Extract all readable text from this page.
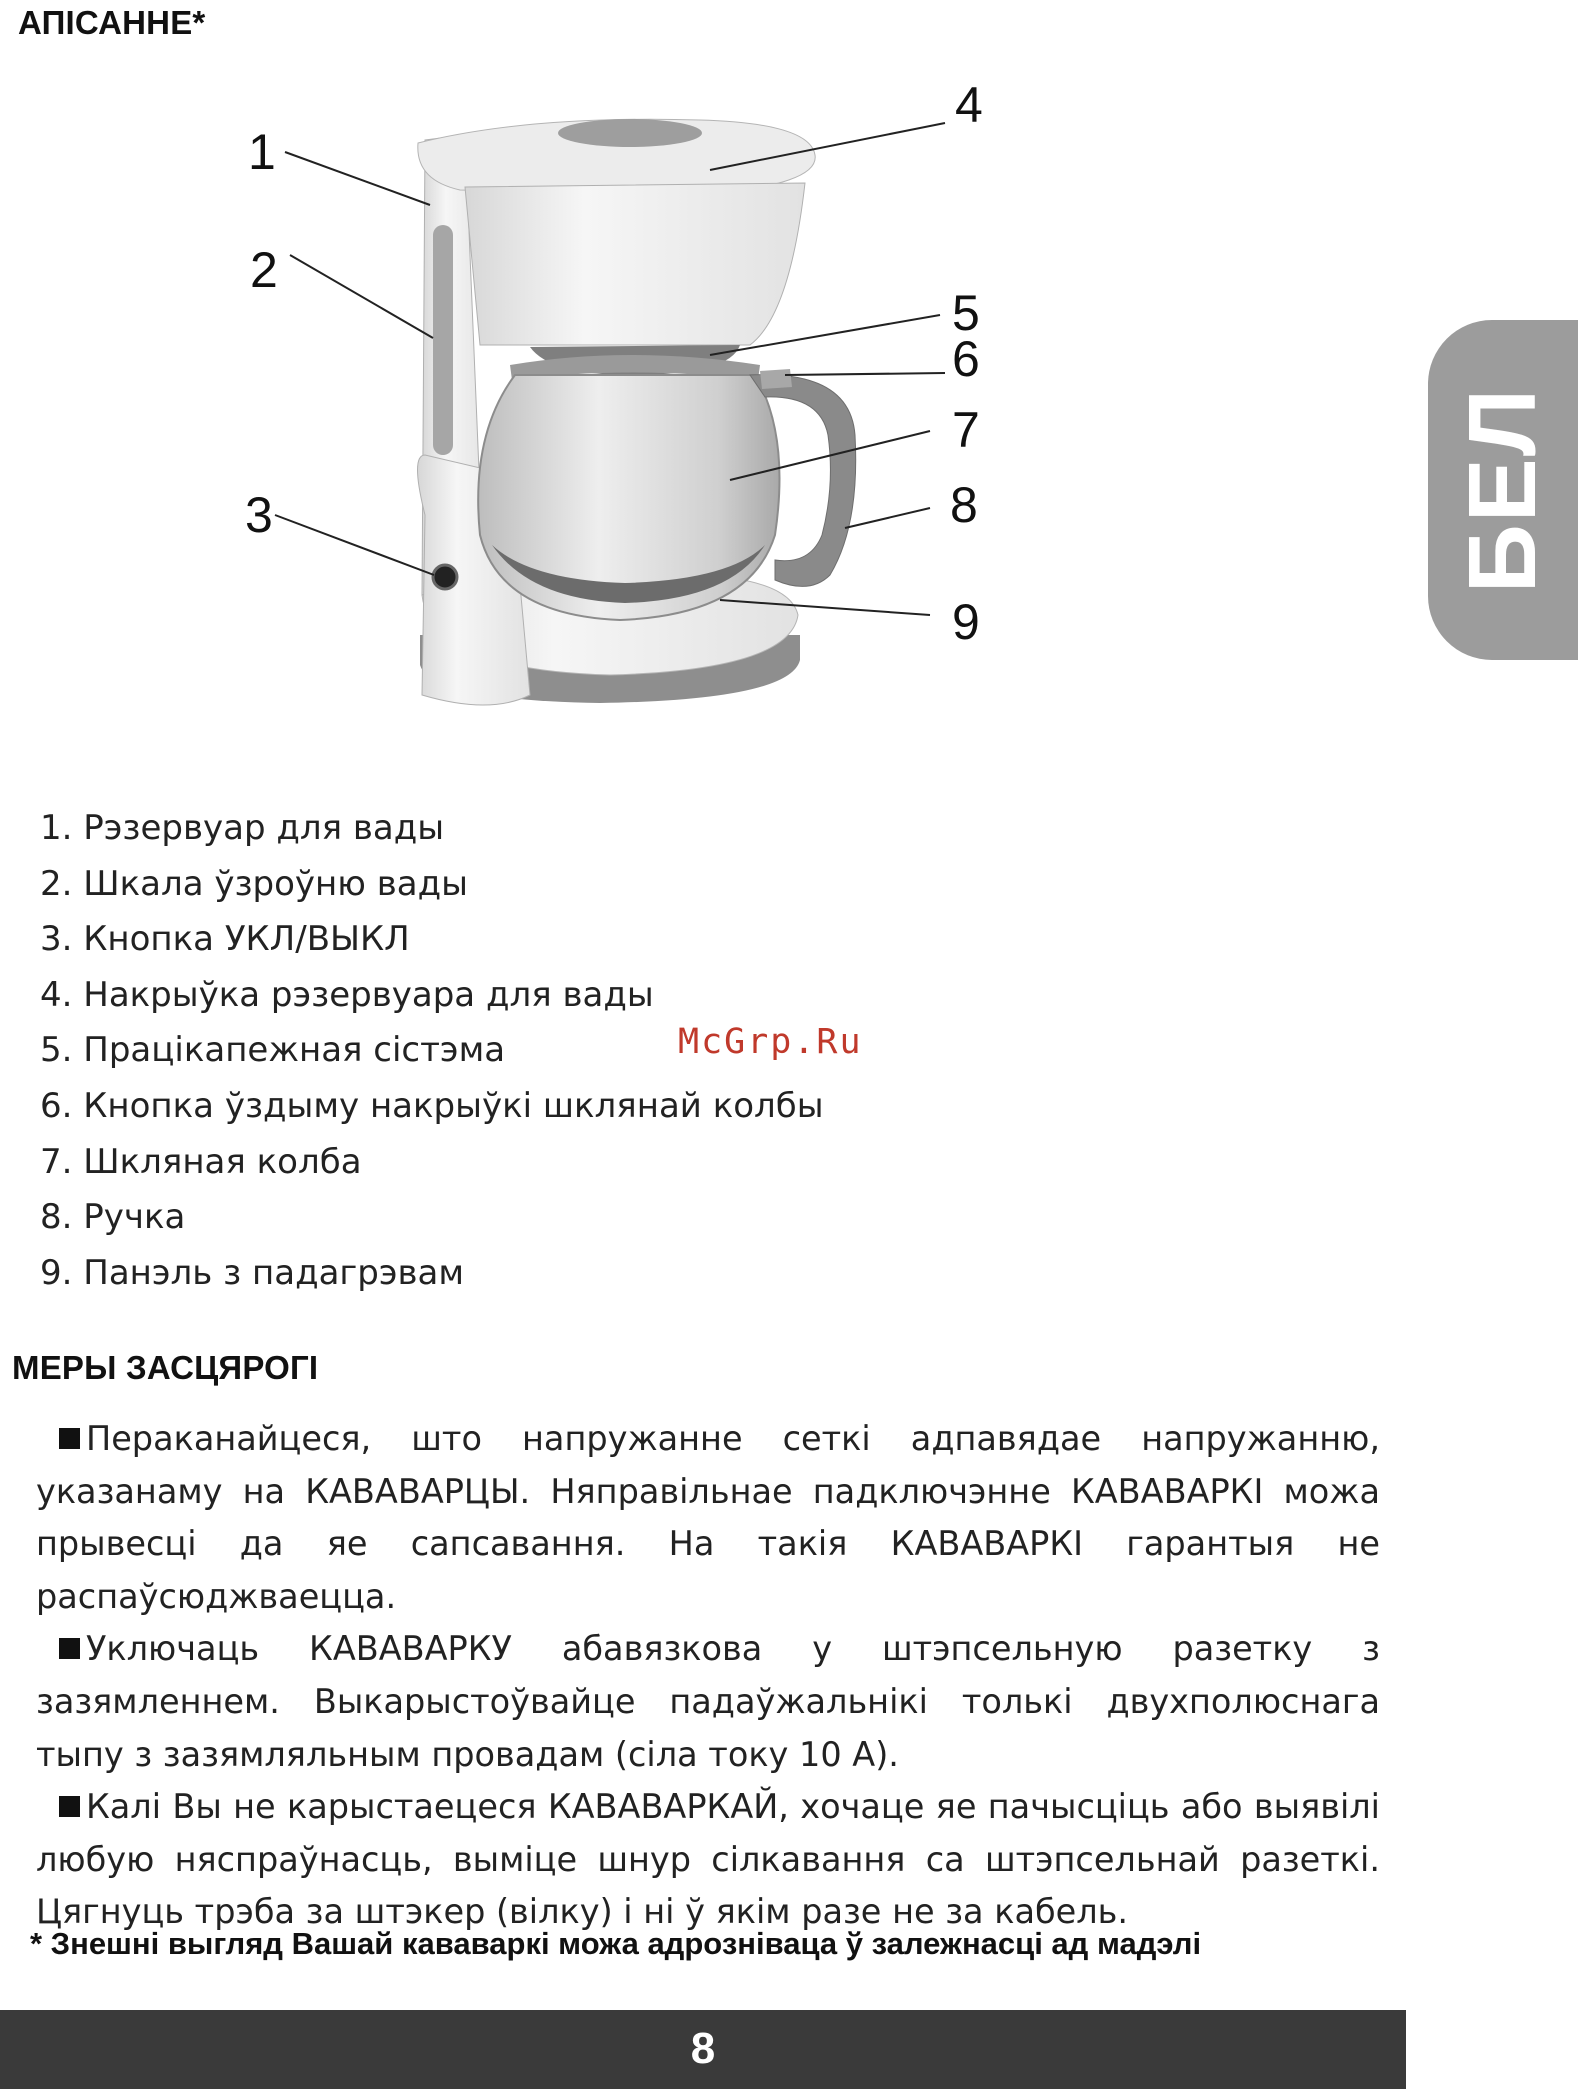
АПІСАННЕ*
1
2
3
4
5
6
7
8
9
БЕЛ
1. Рэзервуар для вады
2. Шкала ўзроўню вады
3. Кнопка УКЛ/ВЫКЛ
4. Накрыўка рэзервуара для вады
5. Працікапежная сістэма
6. Кнопка ўздыму накрыўкі шклянай колбы
7. Шкляная колба
8. Ручка
9. Панэль з падагрэвам
McGrp.Ru
МЕРЫ ЗАСЦЯРОГІ

Пераканайцеся, што напружанне сеткі адпавядае напружанню, указанаму на КАВАВАРЦЫ. Няправільнае падключэнне КАВАВАРКІ можа прывесці да яе сапсавання. На такія КАВАВАРКІ гарантыя не распаўсюджваецца.

Уключаць КАВАВАРКУ абавязкова у штэпсельную разетку з зазямленнем. Выкарыстоўвайце падаўжальнікі толькі двухполюснага тыпу з зазямляльным провадам (сіла току 10 А).

Калі Вы не карыстаецеся КАВАВАРКАЙ, хочаце яе пачысціць або выявілі любую няспраўнасць, выміце шнур сілкавання са штэпсельнай разеткі. Цягнуць трэба за штэкер (вілку) і ні ў якім разе не за кабель.

* Знешні выгляд Вашай кававаркі можа адрозніваца ў залежнасці ад мадэлі
8
